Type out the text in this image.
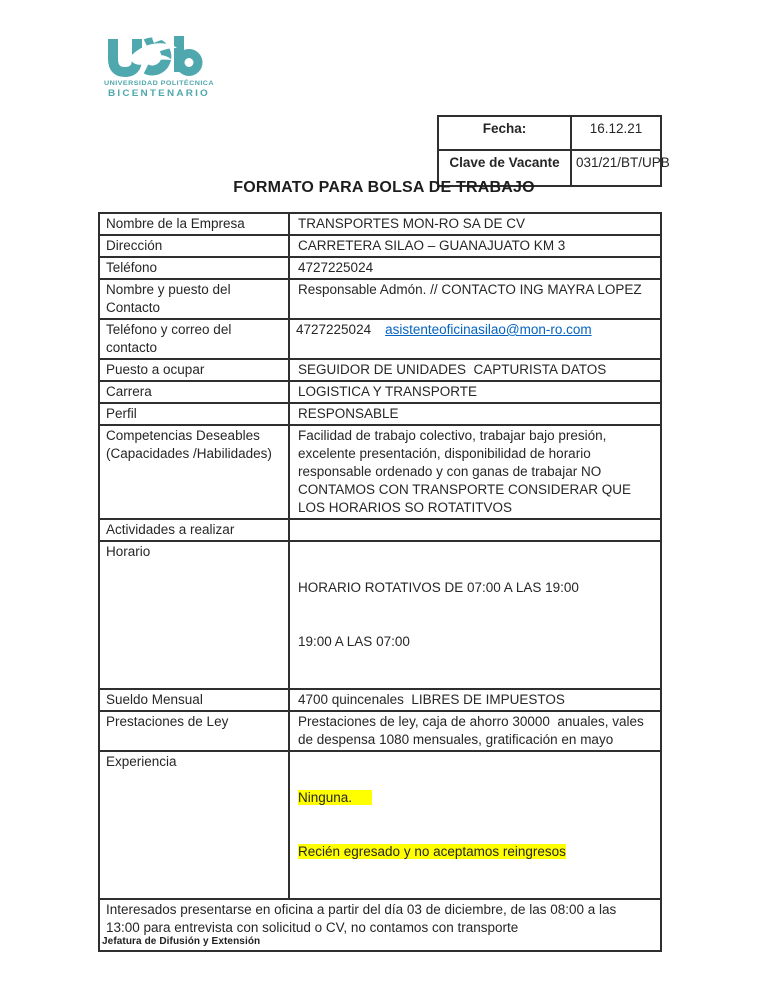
UNIVERSIDAD POLITÉCNICA
BICENTENARIO
Fecha:	16.12.21
Clave de Vacante	031/21/BT/UPB
FORMATO PARA BOLSA DE TRABAJO
Nombre de la Empresa	TRANSPORTES MON-RO SA DE CV
Dirección	CARRETERA SILAO – GUANAJUATO KM 3
Teléfono	4727225024
Nombre y puesto del Contacto	Responsable Admón. // CONTACTO ING MAYRA LOPEZ
Teléfono y correo del contacto	4727225024 asistenteoficinasilao@mon-ro.com
Puesto a ocupar	SEGUIDOR DE UNIDADES  CAPTURISTA DATOS
Carrera	LOGISTICA Y TRANSPORTE
Perfil	RESPONSABLE
Competencias Deseables (Capacidades /Habilidades)	Facilidad de trabajo colectivo, trabajar bajo presión, excelente presentación, disponibilidad de horario responsable ordenado y con ganas de trabajar NO CONTAMOS CON TRANSPORTE CONSIDERAR QUE LOS HORARIOS SO ROTATITVOS
Actividades a realizar	
Horario	HORARIO ROTATIVOS DE 07:00 A LAS 19:00

19:00 A LAS 07:00

Sueldo Mensual	4700 quincenales  LIBRES DE IMPUESTOS
Prestaciones de Ley	Prestaciones de ley, caja de ahorro 30000  anuales, vales de despensa 1080 mensuales, gratificación en mayo
Experiencia	Ninguna.

Recién egresado y no aceptamos reingresos

Interesados presentarse en oficina a partir del día 03 de diciembre, de las 08:00 a las 13:00 para entrevista con solicitud o CV, no contamos con transporte	
Jefatura de Difusión y Extensión
